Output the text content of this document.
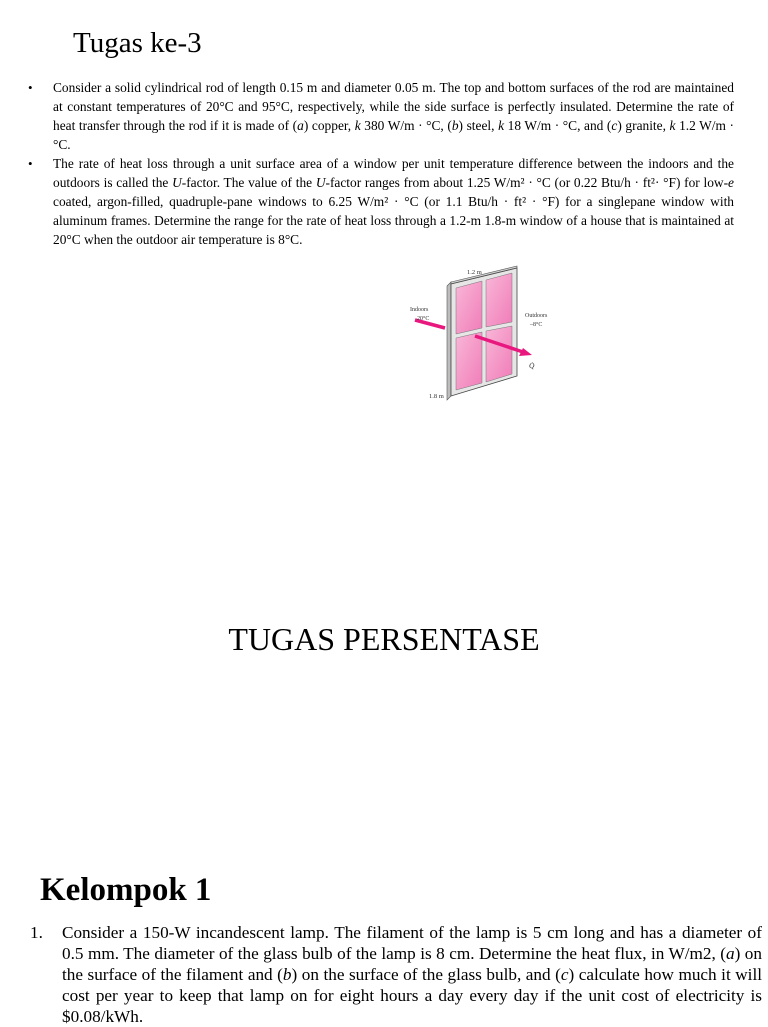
Tugas ke-3
• Consider a solid cylindrical rod of length 0.15 m and diameter 0.05 m. The top and bottom surfaces of the rod are maintained at constant temperatures of 20°C and 95°C, respectively, while the side surface is perfectly insulated. Determine the rate of heat transfer through the rod if it is made of (a) copper, k 380 W/m · °C, (b) steel, k 18 W/m · °C, and (c) granite, k 1.2 W/m · °C.
• The rate of heat loss through a unit surface area of a window per unit temperature difference between the indoors and the outdoors is called the U-factor. The value of the U-factor ranges from about 1.25 W/m² · °C (or 0.22 Btu/h · ft²· °F) for low-e coated, argon-filled, quadruple-pane windows to 6.25 W/m² · °C (or 1.1 Btu/h · ft² · °F) for a singlepane window with aluminum frames. Determine the range for the rate of heat loss through a 1.2-m 1.8-m window of a house that is maintained at 20°C when the outdoor air temperature is 8°C.
1.2 m
1.8 m
Indoors
20°C	Outdoors
–8°C
Q̇
TUGAS PERSENTASE
Kelompok 1
1. Consider a 150-W incandescent lamp. The filament of the lamp is 5 cm long and has a diameter of 0.5 mm. The diameter of the glass bulb of the lamp is 8 cm. Determine the heat flux, in W/m2, (a) on the surface of the filament and (b) on the surface of the glass bulb, and (c) calculate how much it will cost per year to keep that lamp on for eight hours a day every day if the unit cost of electricity is $0.08/kWh.
